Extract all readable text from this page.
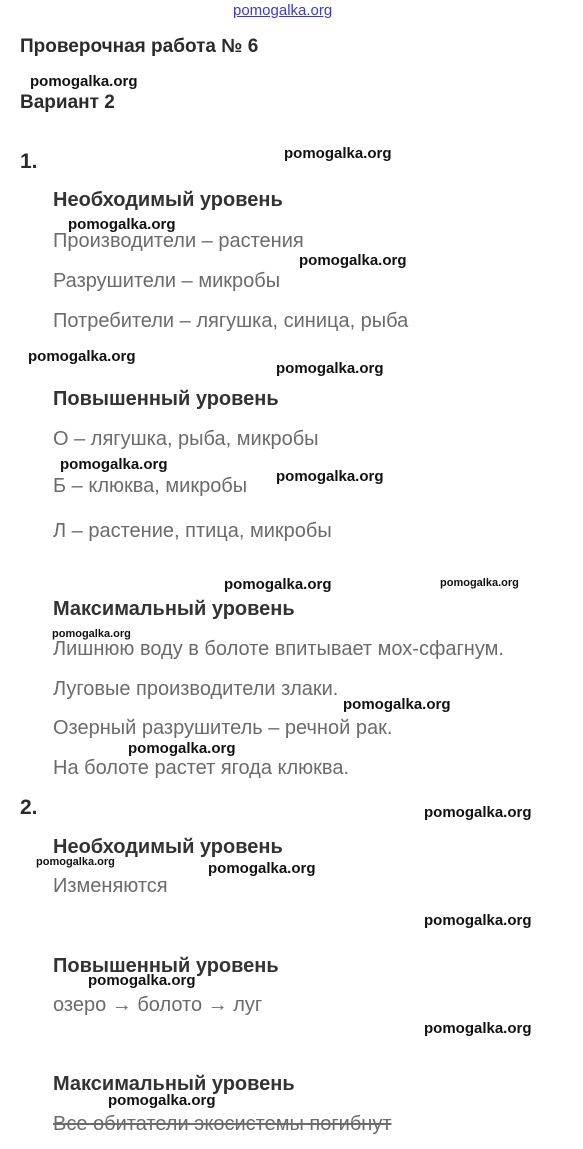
pomogalka.org
Проверочная работа № 6
Вариант 2
1.
Необходимый уровень
Производители – растения
Разрушители – микробы
Потребители – лягушка, синица, рыба
Повышенный уровень
О – лягушка, рыба, микробы
Б – клюква, микробы
Л – растение, птица, микробы
Максимальный уровень
Лишнюю воду в болоте впитывает мох-сфагнум.
Луговые производители злаки.
Озерный разрушитель – речной рак.
На болоте растет ягода клюква.
2.
Необходимый уровень
Изменяются
Повышенный уровень
озеро → болото → луг
Максимальный уровень
Все обитатели экосистемы погибнут
pomogalka.org
pomogalka.org
pomogalka.org
pomogalka.org
pomogalka.org
pomogalka.org
pomogalka.org
pomogalka.org
pomogalka.org	pomogalka.org
pomogalka.org
pomogalka.org
pomogalka.org
pomogalka.org
pomogalka.org	pomogalka.org
pomogalka.org
pomogalka.org
pomogalka.org
pomogalka.org
